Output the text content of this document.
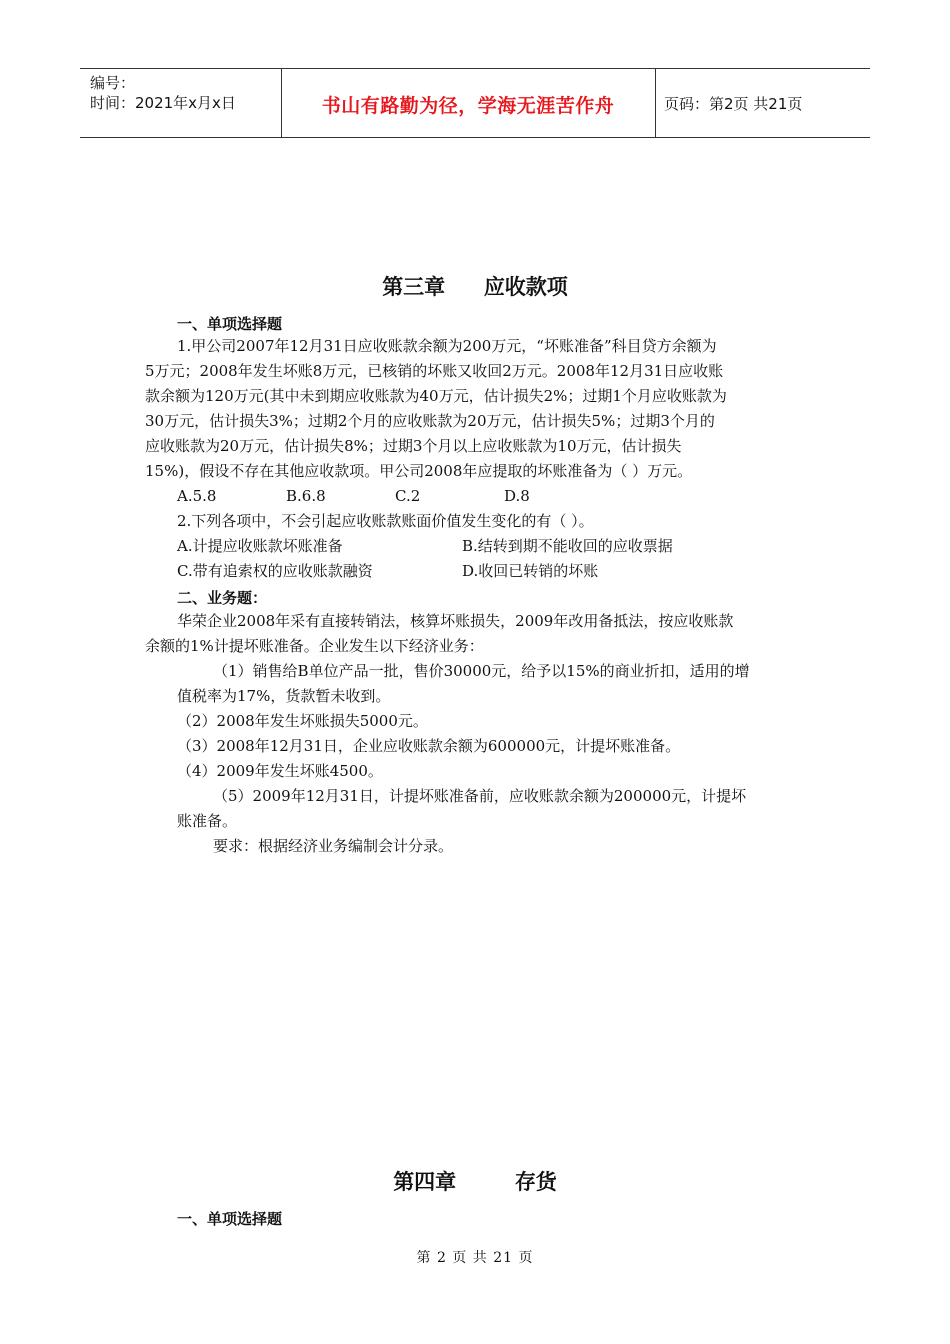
编号：
时间：2021年x月x日	书山有路勤为径，学海无涯苦作舟	页码：第2页 共21页
第三章 应收款项
一、单项选择题
1.甲公司2007年12月31日应收账款余额为200万元，“坏账准备”科目贷方余额为
5万元；2008年发生坏账8万元，已核销的坏账又收回2万元。2008年12月31日应收账
款余额为120万元(其中未到期应收账款为40万元，估计损失2%；过期1个月应收账款为
30万元，估计损失3%；过期2个月的应收账款为20万元，估计损失5%；过期3个月的
应收账款为20万元，估计损失8%；过期3个月以上应收账款为10万元，估计损失
15%)，假设不存在其他应收款项。甲公司2008年应提取的坏账准备为（ ）万元。
A.5.8	B.6.8	C.2	D.8
2.下列各项中，不会引起应收账款账面价值发生变化的有（ ）。
A.计提应收账款坏账准备	B.结转到期不能收回的应收票据
C.带有追索权的应收账款融资	D.收回已转销的坏账
二、业务题：
华荣企业2008年采有直接转销法，核算坏账损失，2009年改用备抵法，按应收账款
余额的1%计提坏账准备。企业发生以下经济业务：
（1）销售给B单位产品一批，售价30000元，给予以15%的商业折扣，适用的增
值税率为17%，货款暂未收到。
（2）2008年发生坏账损失5000元。
（3）2008年12月31日，企业应收账款余额为600000元，计提坏账准备。
（4）2009年发生坏账4500。
（5）2009年12月31日，计提坏账准备前，应收账款余额为200000元，计提坏
账准备。
要求：根据经济业务编制会计分录。
第四章	存货
一、单项选择题
第 2 页 共 21 页
